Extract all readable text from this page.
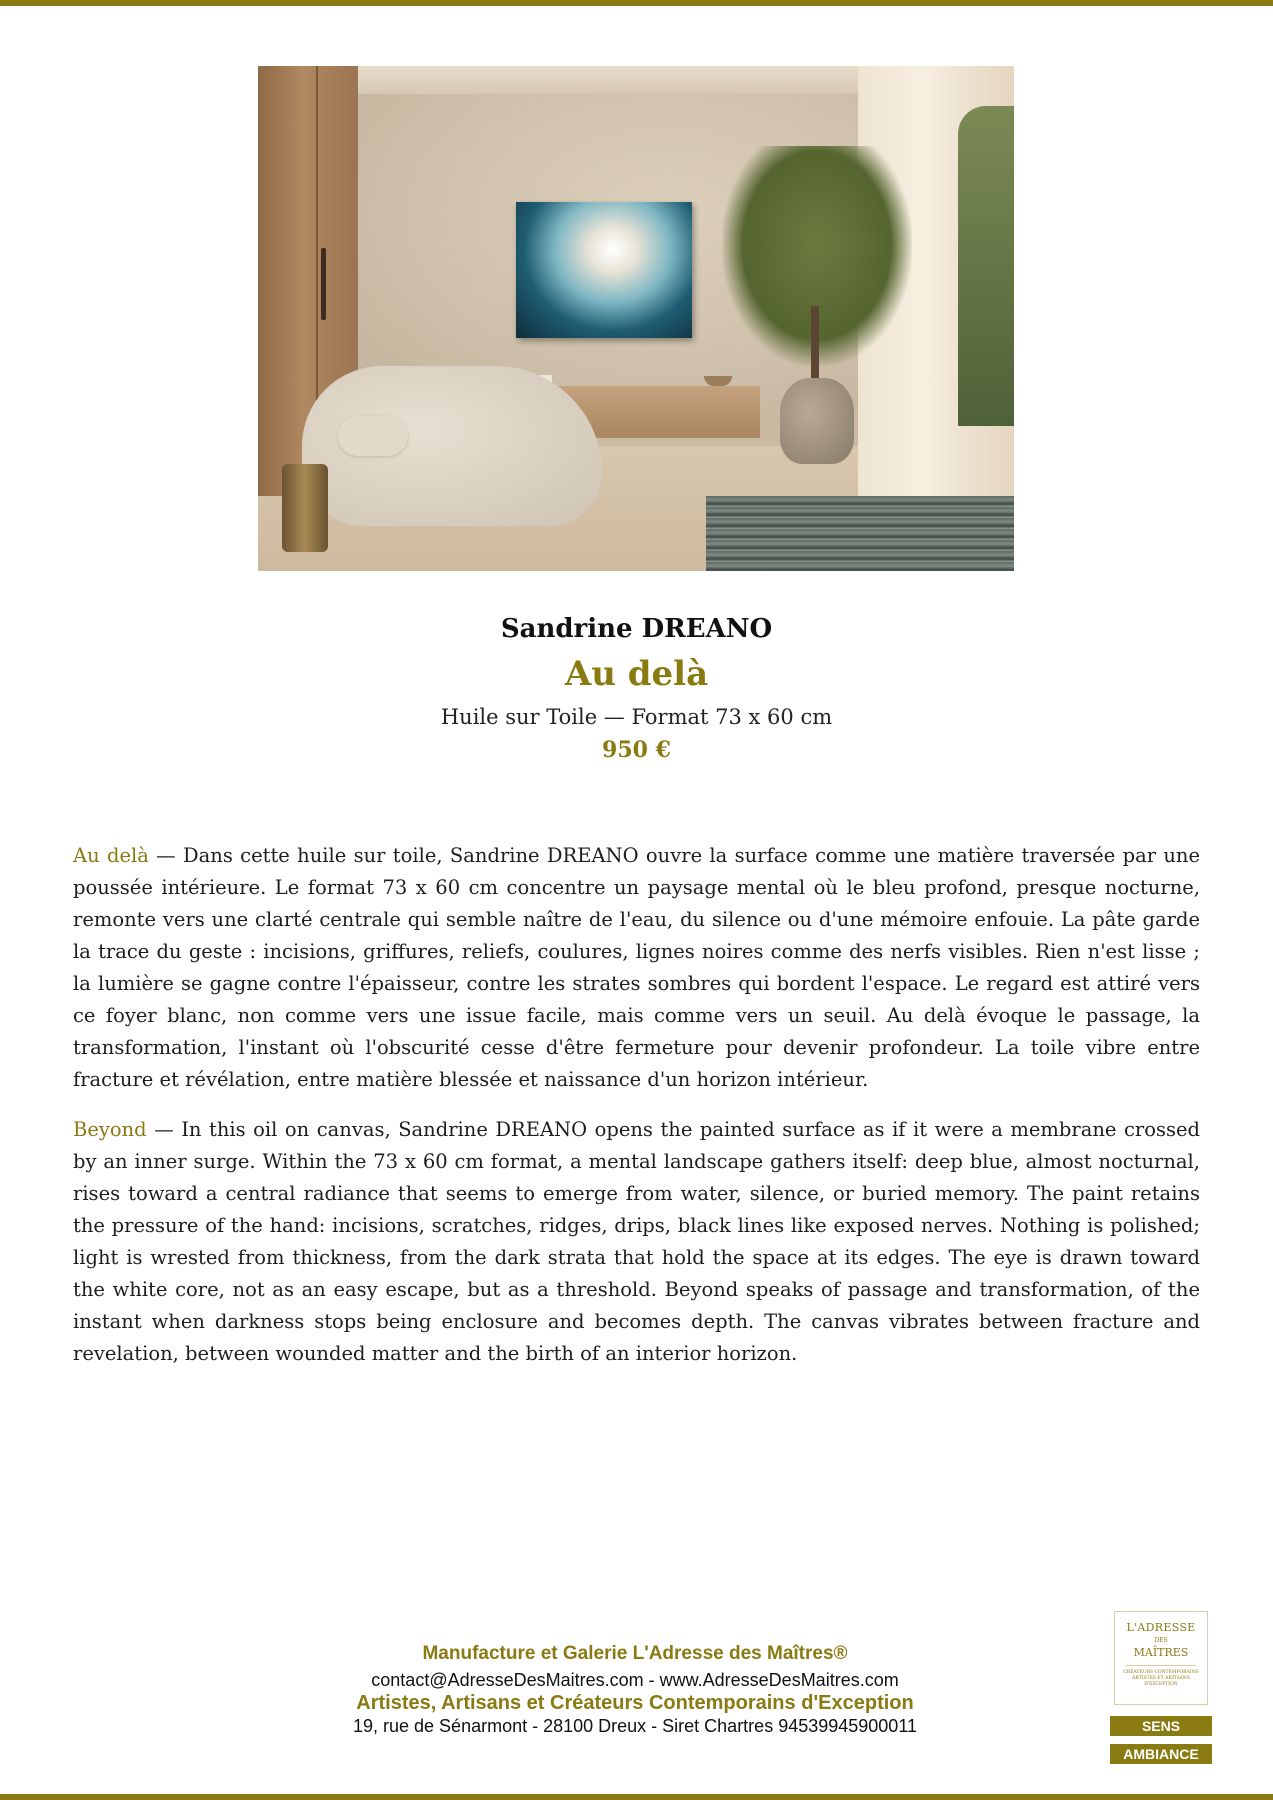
Sandrine DREANO
Au delà
Huile sur Toile — Format 73 x 60 cm
950 €

Au delà — Dans cette huile sur toile, Sandrine DREANO ouvre la surface comme une matière traversée par une poussée intérieure. Le format 73 x 60 cm concentre un paysage mental où le bleu profond, presque nocturne, remonte vers une clarté centrale qui semble naître de l'eau, du silence ou d'une mémoire enfouie. La pâte garde la trace du geste : incisions, griffures, reliefs, coulures, lignes noires comme des nerfs visibles. Rien n'est lisse ; la lumière se gagne contre l'épaisseur, contre les strates sombres qui bordent l'espace. Le regard est attiré vers ce foyer blanc, non comme vers une issue facile, mais comme vers un seuil. Au delà évoque le passage, la transformation, l'instant où l'obscurité cesse d'être fermeture pour devenir profondeur. La toile vibre entre fracture et révélation, entre matière blessée et naissance d'un horizon intérieur.

Beyond — In this oil on canvas, Sandrine DREANO opens the painted surface as if it were a membrane crossed by an inner surge. Within the 73 x 60 cm format, a mental landscape gathers itself: deep blue, almost nocturnal, rises toward a central radiance that seems to emerge from water, silence, or buried memory. The paint retains the pressure of the hand: incisions, scratches, ridges, drips, black lines like exposed nerves. Nothing is polished; light is wrested from thickness, from the dark strata that hold the space at its edges. The eye is drawn toward the white core, not as an easy escape, but as a threshold. Beyond speaks of passage and transformation, of the instant when darkness stops being enclosure and becomes depth. The canvas vibrates between fracture and revelation, between wounded matter and the birth of an interior horizon.

Manufacture et Galerie L'Adresse des Maîtres®
contact@AdresseDesMaitres.com - www.AdresseDesMaitres.com
Artistes, Artisans et Créateurs Contemporains d'Exception
19, rue de Sénarmont - 28100 Dreux - Siret Chartres 94539945900011
L'ADRESSE
DES
MAÎTRES
CRÉATEURS CONTEMPORAINS ARTISTES ET ARTISANS D'EXCEPTION
SENS
AMBIANCE
